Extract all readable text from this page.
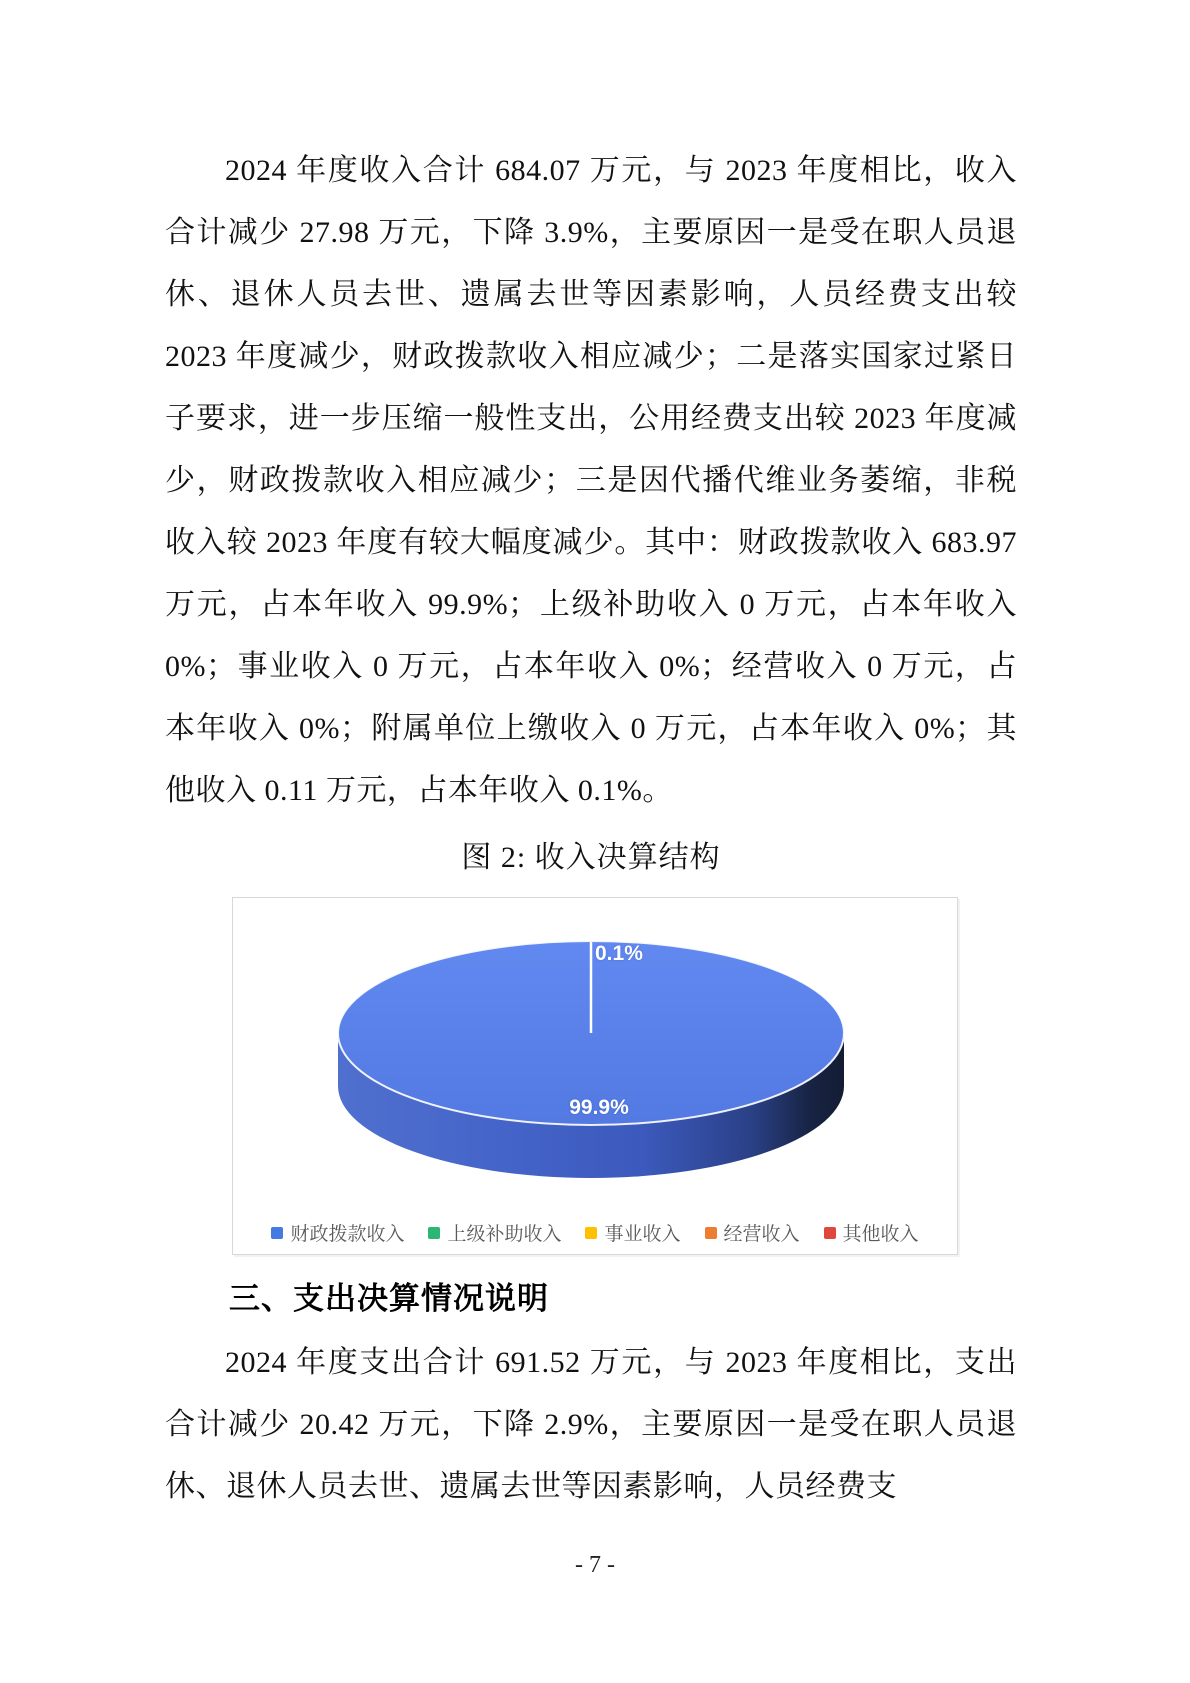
2024 年度收入合计 684.07 万元，与 2023 年度相比，收入合计减少 27.98 万元，下降 3.9%，主要原因一是受在职人员退休、退休人员去世、遗属去世等因素影响，人员经费支出较 2023 年度减少，财政拨款收入相应减少；二是落实国家过紧日子要求，进一步压缩一般性支出，公用经费支出较 2023 年度减少，财政拨款收入相应减少；三是因代播代维业务萎缩，非税收入较 2023 年度有较大幅度减少。其中：财政拨款收入 683.97 万元，占本年收入 99.9%；上级补助收入 0 万元，占本年收入 0%；事业收入 0 万元，占本年收入 0%；经营收入 0 万元，占本年收入 0%；附属单位上缴收入 0 万元，占本年收入 0%；其他收入 0.11 万元，占本年收入 0.1%。
图 2: 收入决算结构
0.1%
99.9%
财政拨款收入 上级补助收入 事业收入 经营收入 其他收入
三、支出决算情况说明
2024 年度支出合计 691.52 万元，与 2023 年度相比，支出合计减少 20.42 万元，下降 2.9%，主要原因一是受在职人员退休、退休人员去世、遗属去世等因素影响，人员经费支
- 7 -
